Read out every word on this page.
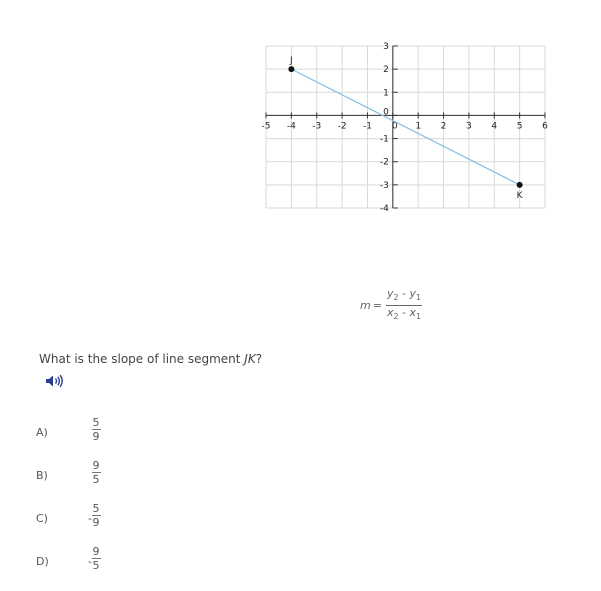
-5 -4 -3 -2 -1 0 1 2 3 4 5 6
-4
-3
-2
-1
1
2
3
0
J
K
$m = \frac{y_2 - y_1}{x_2 - x_1}$
What is the slope of line segment JK?
A)	$\frac{5}{9}$
B)	$\frac{9}{5}$
C)	- $\frac{5}{9}$
D)	- $\frac{9}{5}$
